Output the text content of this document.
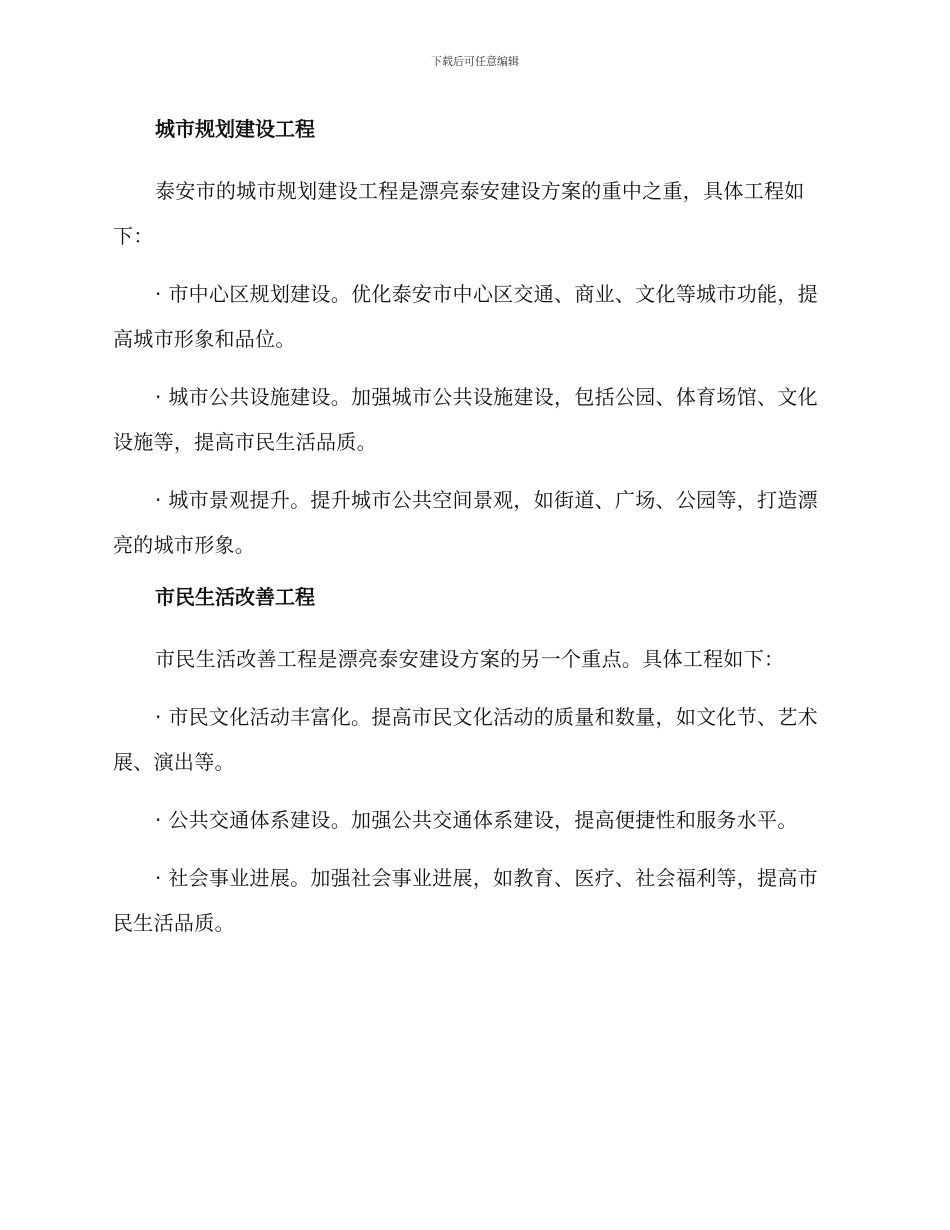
下载后可任意编辑
城市规划建设工程

泰安市的城市规划建设工程是漂亮泰安建设方案的重中之重，具体工程如下：

· 市中心区规划建设。优化泰安市中心区交通、商业、文化等城市功能，提高城市形象和品位。

· 城市公共设施建设。加强城市公共设施建设，包括公园、体育场馆、文化设施等，提高市民生活品质。

· 城市景观提升。提升城市公共空间景观，如街道、广场、公园等，打造漂亮的城市形象。

市民生活改善工程

市民生活改善工程是漂亮泰安建设方案的另一个重点。具体工程如下：

· 市民文化活动丰富化。提高市民文化活动的质量和数量，如文化节、艺术展、演出等。

· 公共交通体系建设。加强公共交通体系建设，提高便捷性和服务水平。

· 社会事业进展。加强社会事业进展，如教育、医疗、社会福利等，提高市民生活品质。
